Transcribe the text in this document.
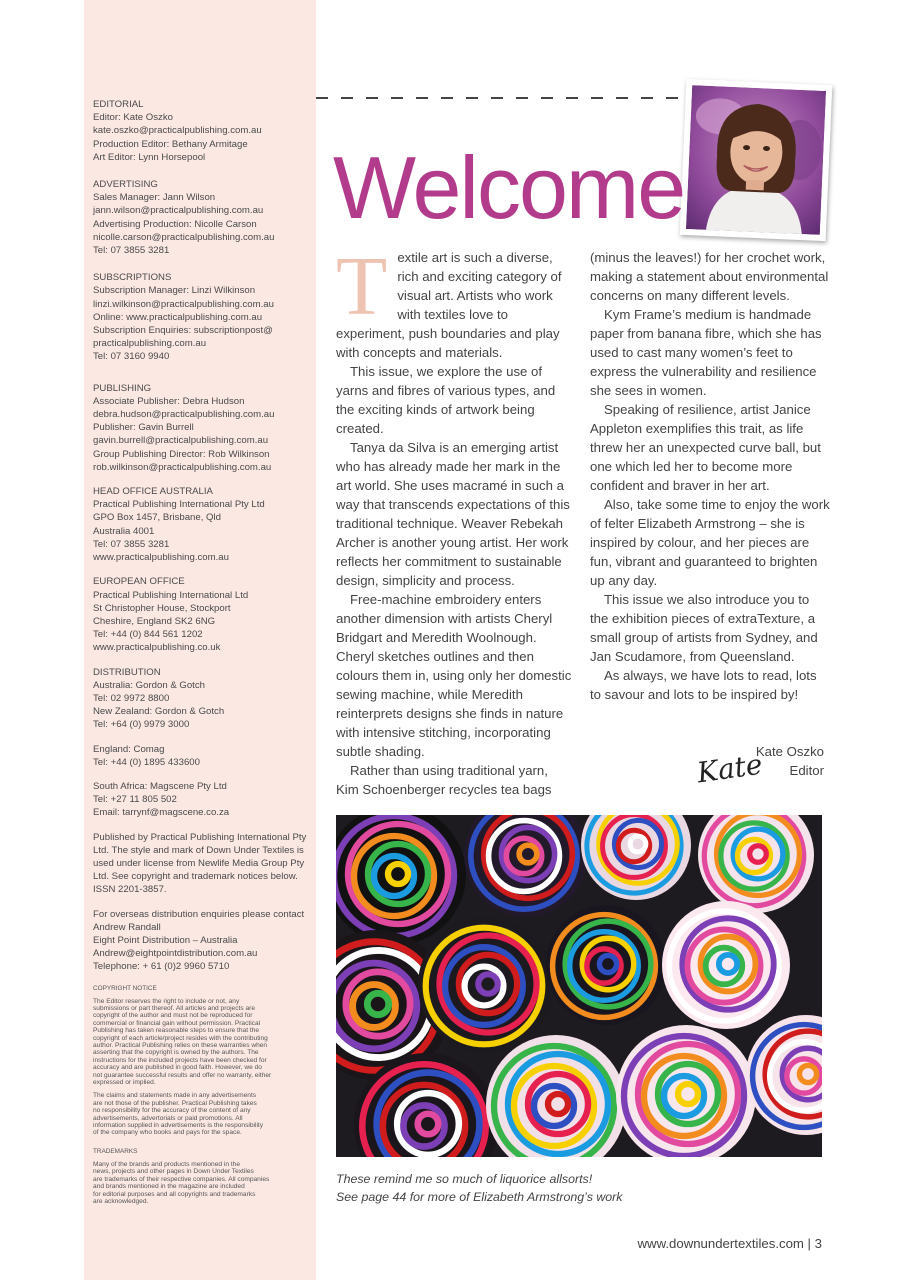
EDITORIAL
Editor: Kate Oszko
kate.oszko@practicalpublishing.com.au
Production Editor: Bethany Armitage
Art Editor: Lynn Horsepool
ADVERTISING
Sales Manager: Jann Wilson
jann.wilson@practicalpublishing.com.au
Advertising Production: Nicolle Carson
nicolle.carson@practicalpublishing.com.au
Tel: 07 3855 3281
SUBSCRIPTIONS
Subscription Manager: Linzi Wilkinson
linzi.wilkinson@practicalpublishing.com.au
Online: www.practicalpublishing.com.au
Subscription Enquiries: subscriptionpost@
practicalpublishing.com.au
Tel: 07 3160 9940
PUBLISHING
Associate Publisher: Debra Hudson
debra.hudson@practicalpublishing.com.au
Publisher: Gavin Burrell
gavin.burrell@practicalpublishing.com.au
Group Publishing Director: Rob Wilkinson
rob.wilkinson@practicalpublishing.com.au
HEAD OFFICE AUSTRALIA
Practical Publishing International Pty Ltd
GPO Box 1457, Brisbane, Qld
Australia 4001
Tel: 07 3855 3281
www.practicalpublishing.com.au
EUROPEAN OFFICE
Practical Publishing International Ltd
St Christopher House, Stockport
Cheshire, England SK2 6NG
Tel: +44 (0) 844 561 1202
www.practicalpublishing.co.uk
DISTRIBUTION
Australia: Gordon & Gotch
Tel: 02 9972 8800
New Zealand: Gordon & Gotch
Tel: +64 (0) 9979 3000
England: Comag
Tel: +44 (0) 1895 433600
South Africa: Magscene Pty Ltd
Tel: +27 11 805 502
Email: tarrynf@magscene.co.za
Published by Practical Publishing International Pty
Ltd. The style and mark of Down Under Textiles is
used under license from Newlife Media Group Pty
Ltd. See copyright and trademark notices below.
ISSN 2201-3857.
For overseas distribution enquiries please contact
Andrew Randall
Eight Point Distribution – Australia
Andrew@eightpointdistribution.com.au
Telephone: + 61 (0)2 9960 5710
COPYRIGHT NOTICE
The Editor reserves the right to include or not, any
submissions or part thereof. All articles and projects are
copyright of the author and must not be reproduced for
commercial or financial gain without permission. Practical
Publishing has taken reasonable steps to ensure that the
copyright of each article/project resides with the contributing
author. Practical Publishing relies on these warranties when
asserting that the copyright is owned by the authors. The
instructions for the included projects have been checked for
accuracy and are published in good faith. However, we do
not guarantee successful results and offer no warranty, either
expressed or implied.
The claims and statements made in any advertisements
are not those of the publisher. Practical Publishing takes
no responsibility for the accuracy of the content of any
advertisements, advertorials or paid promotions. All
information supplied in advertisements is the responsibility
of the company who books and pays for the space.
TRADEMARKS
Many of the brands and products mentioned in the
news, projects and other pages in Down Under Textiles
are trademarks of their respective companies. All companies
and brands mentioned in the magazine are included
for editorial purposes and all copyrights and trademarks
are acknowledged.
Welcome
T extile art is such a diverse, rich and exciting category of visual art. Artists who work with textiles love to experiment, push boundaries and play with concepts and materials.

This issue, we explore the use of yarns and fibres of various types, and the exciting kinds of artwork being created.

Tanya da Silva is an emerging artist who has already made her mark in the art world. She uses macramé in such a way that transcends expectations of this traditional technique. Weaver Rebekah Archer is another young artist. Her work reflects her commitment to sustainable design, simplicity and process.

Free-machine embroidery enters another dimension with artists Cheryl Bridgart and Meredith Woolnough. Cheryl sketches outlines and then colours them in, using only her domestic sewing machine, while Meredith reinterprets designs she finds in nature with intensive stitching, incorporating subtle shading.

Rather than using traditional yarn, Kim Schoenberger recycles tea bags

(minus the leaves!) for her crochet work, making a statement about environmental concerns on many different levels.

Kym Frame’s medium is handmade paper from banana fibre, which she has used to cast many women’s feet to express the vulnerability and resilience she sees in women.

Speaking of resilience, artist Janice Appleton exemplifies this trait, as life threw her an unexpected curve ball, but one which led her to become more confident and braver in her art.

Also, take some time to enjoy the work of felter Elizabeth Armstrong – she is inspired by colour, and her pieces are fun, vibrant and guaranteed to brighten up any day.

This issue we also introduce you to the exhibition pieces of extraTexture, a small group of artists from Sydney, and Jan Scudamore, from Queensland.

As always, we have lots to read, lots to savour and lots to be inspired by!

Kate
Kate Oszko
Editor
These remind me so much of liquorice allsorts!
See page 44 for more of Elizabeth Armstrong’s work
www.downundertextiles.com | 3
